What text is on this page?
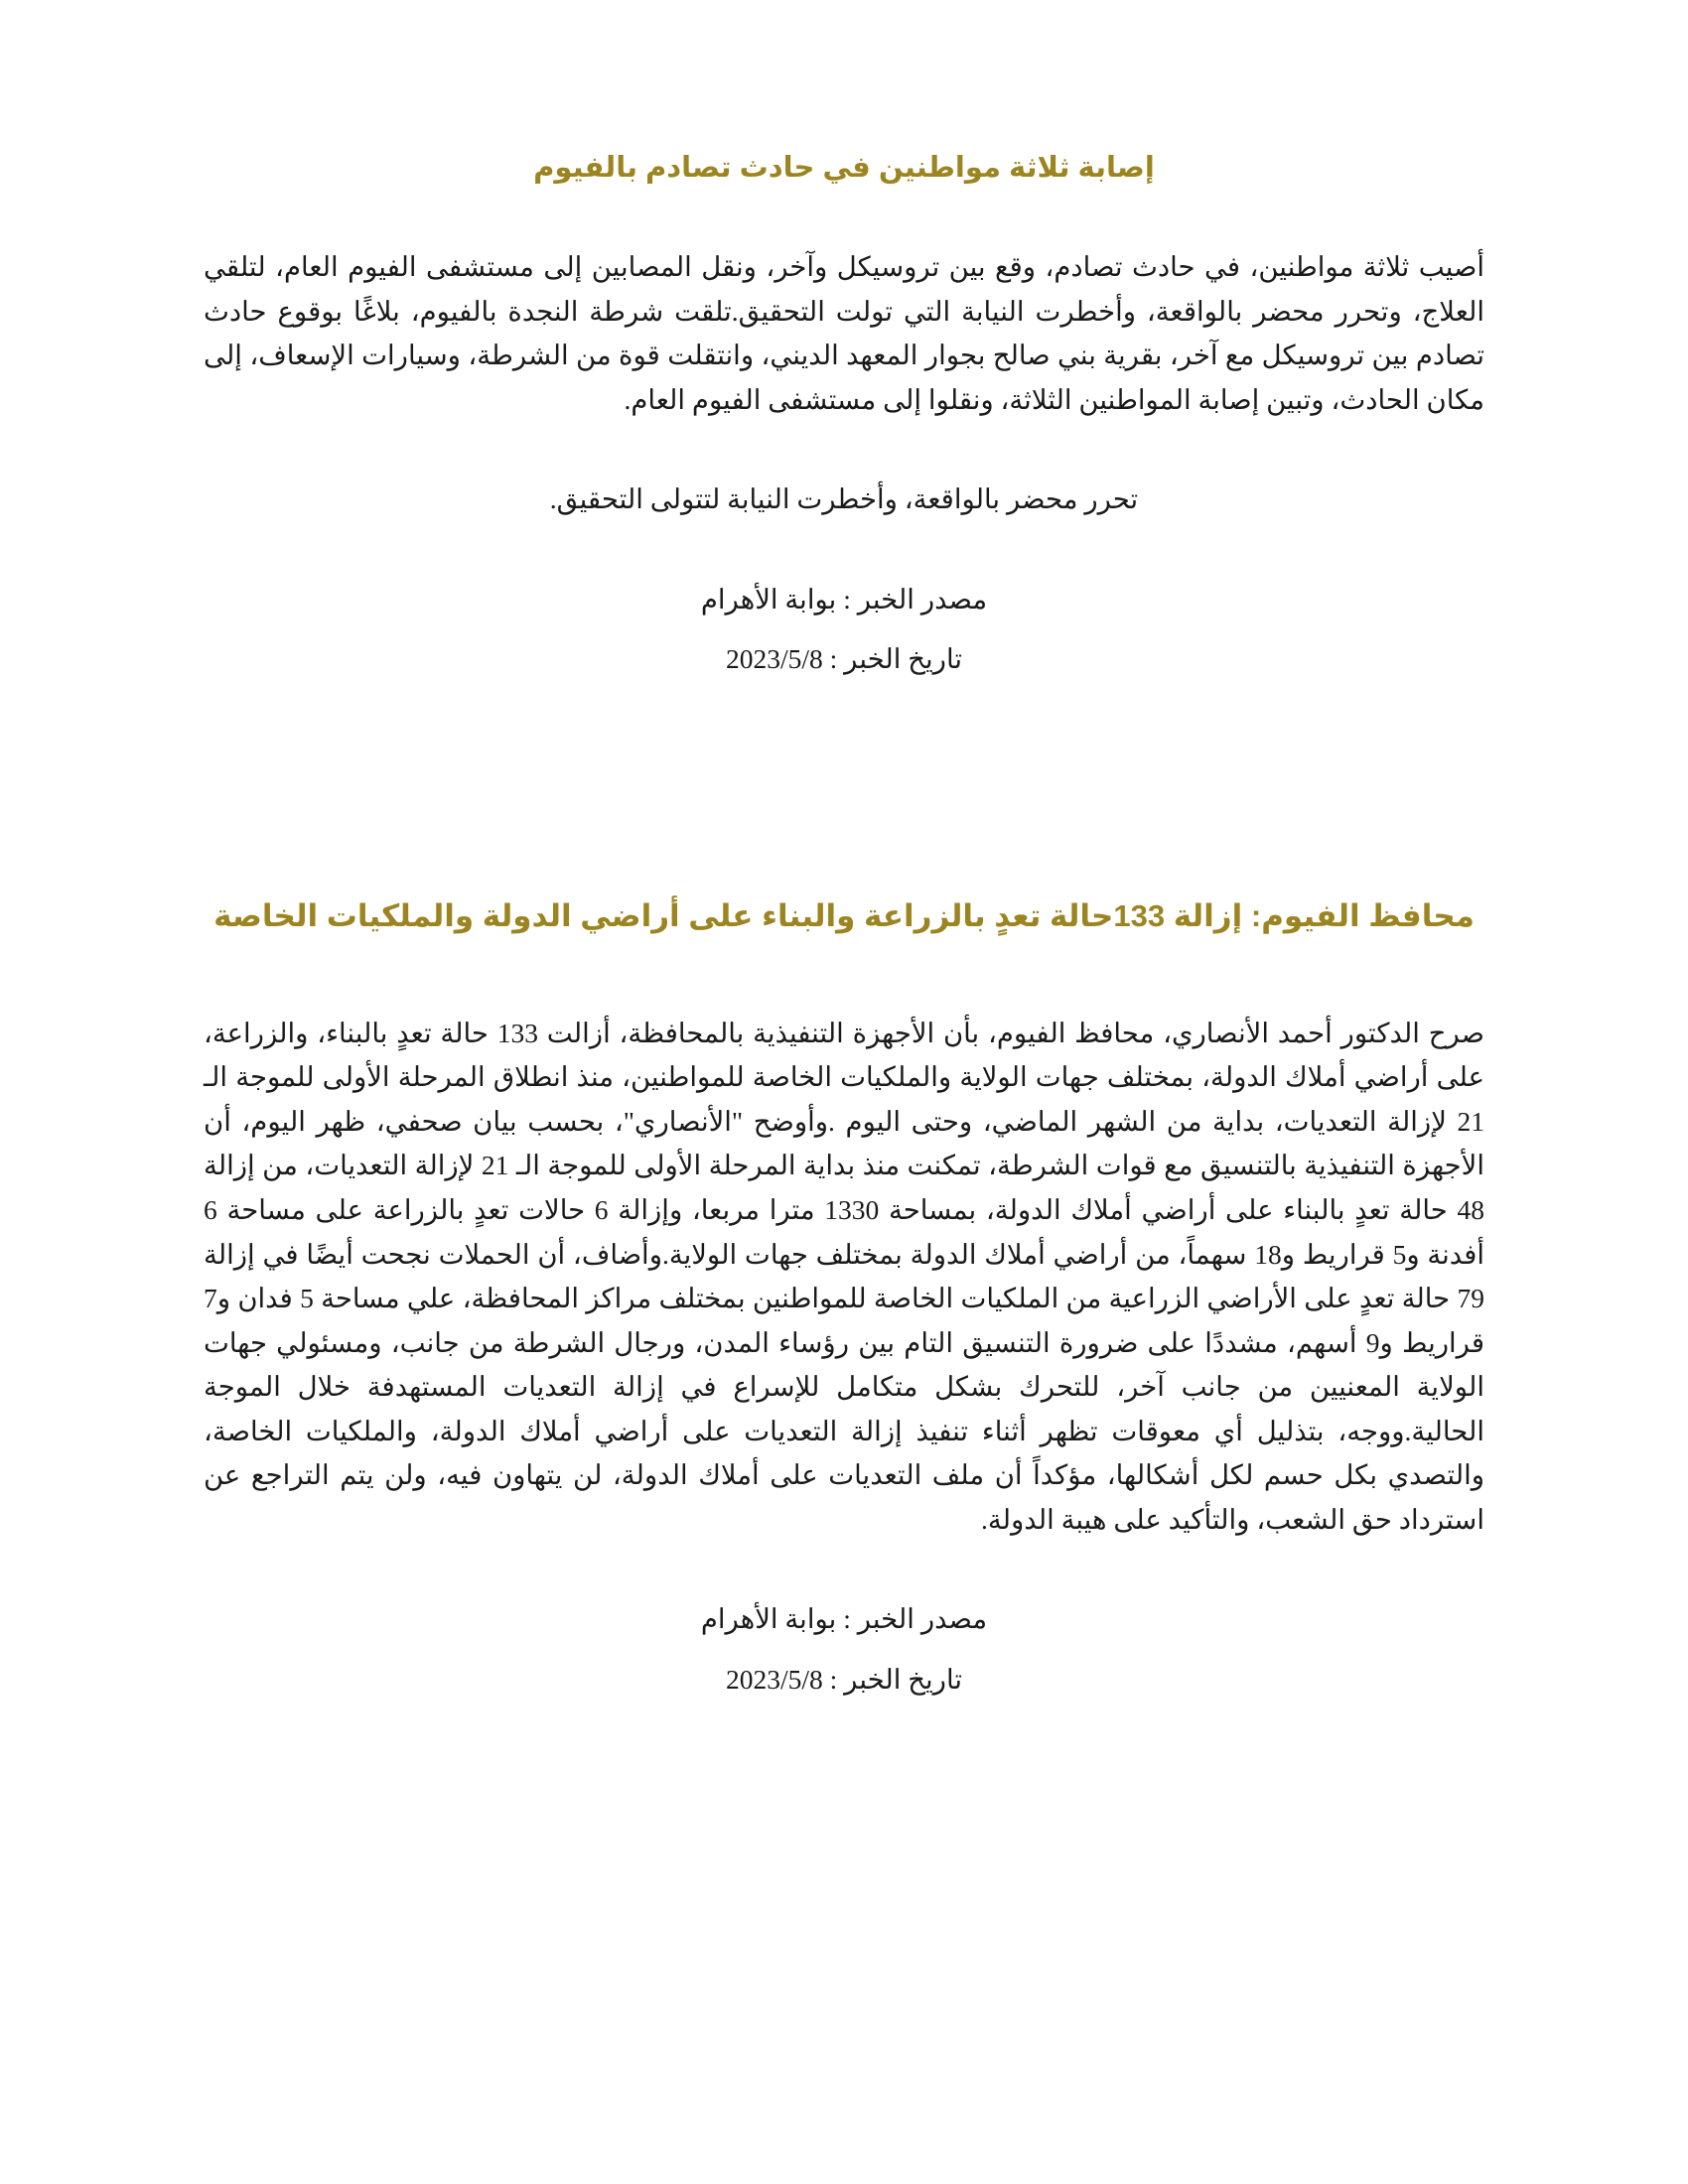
إصابة ثلاثة مواطنين في حادث تصادم بالفيوم

أصيب ثلاثة مواطنين، في حادث تصادم، وقع بين تروسيكل وآخر، ونقل المصابين إلى مستشفى الفيوم العام، لتلقي العلاج، وتحرر محضر بالواقعة، وأخطرت النيابة التي تولت التحقيق.تلقت شرطة النجدة بالفيوم، بلاغًا بوقوع حادث تصادم بين تروسيكل مع آخر، بقرية بني صالح بجوار المعهد الديني، وانتقلت قوة من الشرطة، وسيارات الإسعاف، إلى مكان الحادث، وتبين إصابة المواطنين الثلاثة، ونقلوا إلى مستشفى الفيوم العام.

تحرر محضر بالواقعة، وأخطرت النيابة لتتولى التحقيق.

مصدر الخبر : بوابة الأهرام

تاريخ الخبر : 2023/5/8

محافظ الفيوم: إزالة 133حالة تعدٍ بالزراعة والبناء على أراضي الدولة والملكيات الخاصة

صرح الدكتور أحمد الأنصاري، محافظ الفيوم، بأن الأجهزة التنفيذية بالمحافظة، أزالت 133 حالة تعدٍ بالبناء، والزراعة، على أراضي أملاك الدولة، بمختلف جهات الولاية والملكيات الخاصة للمواطنين، منذ انطلاق المرحلة الأولى للموجة الـ 21 لإزالة التعديات، بداية من الشهر الماضي، وحتى اليوم .وأوضح "الأنصاري"، بحسب بيان صحفي، ظهر اليوم، أن الأجهزة التنفيذية بالتنسيق مع قوات الشرطة، تمكنت منذ بداية المرحلة الأولى للموجة الـ 21 لإزالة التعديات، من إزالة 48 حالة تعدٍ بالبناء على أراضي أملاك الدولة، بمساحة 1330 مترا مربعا، وإزالة 6 حالات تعدٍ بالزراعة على مساحة 6 أفدنة و5 قراريط و18 سهماً، من أراضي أملاك الدولة بمختلف جهات الولاية.وأضاف، أن الحملات نجحت أيضًا في إزالة 79 حالة تعدٍ على الأراضي الزراعية من الملكيات الخاصة للمواطنين بمختلف مراكز المحافظة، علي مساحة 5 فدان و7 قراريط و9 أسهم، مشددًا على ضرورة التنسيق التام بين رؤساء المدن، ورجال الشرطة من جانب، ومسئولي جهات الولاية المعنيين من جانب آخر، للتحرك بشكل متكامل للإسراع في إزالة التعديات المستهدفة خلال الموجة الحالية.ووجه، بتذليل أي معوقات تظهر أثناء تنفيذ إزالة التعديات على أراضي أملاك الدولة، والملكيات الخاصة، والتصدي بكل حسم لكل أشكالها، مؤكداً أن ملف التعديات على أملاك الدولة، لن يتهاون فيه، ولن يتم التراجع عن استرداد حق الشعب، والتأكيد على هيبة الدولة.

مصدر الخبر : بوابة الأهرام

تاريخ الخبر : 2023/5/8
